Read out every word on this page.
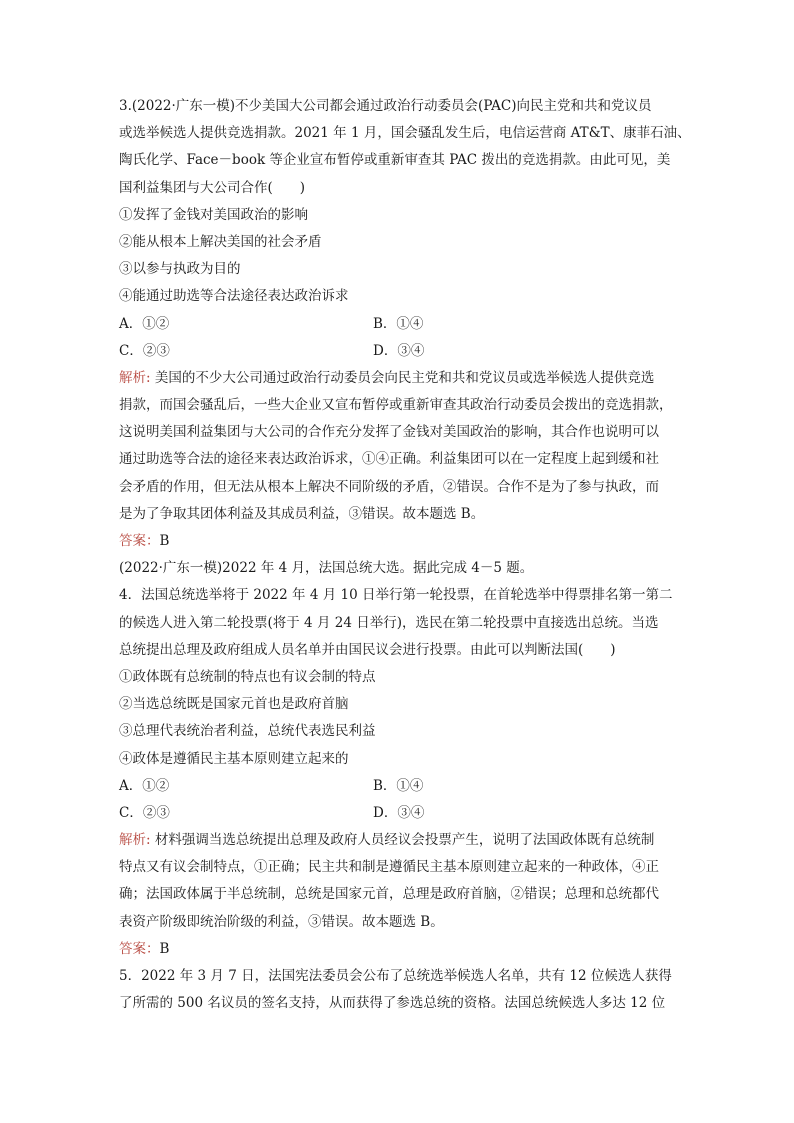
3.(2022·广东一模)不少美国大公司都会通过政治行动委员会(PAC)向民主党和共和党议员
或选举候选人提供竞选捐款。2021 年 1 月，国会骚乱发生后，电信运营商 AT&T、康菲石油、
陶氏化学、Face－book 等企业宣布暂停或重新审查其 PAC 拨出的竞选捐款。由此可见，美
国利益集团与大公司合作(　　)
①发挥了金钱对美国政治的影响
②能从根本上解决美国的社会矛盾
③以参与执政为目的
④能通过助选等合法途径表达政治诉求
A．①②	B．①④
C．②③	D．③④
解析: 美国的不少大公司通过政治行动委员会向民主党和共和党议员或选举候选人提供竞选
捐款，而国会骚乱后，一些大企业又宣布暂停或重新审查其政治行动委员会拨出的竞选捐款，
这说明美国利益集团与大公司的合作充分发挥了金钱对美国政治的影响，其合作也说明可以
通过助选等合法的途径来表达政治诉求，①④正确。利益集团可以在一定程度上起到缓和社
会矛盾的作用，但无法从根本上解决不同阶级的矛盾，②错误。合作不是为了参与执政，而
是为了争取其团体利益及其成员利益，③错误。故本题选 B。
答案：B
(2022·广东一模)2022 年 4 月，法国总统大选。据此完成 4－5 题。
4．法国总统选举将于 2022 年 4 月 10 日举行第一轮投票，在首轮选举中得票排名第一第二
的候选人进入第二轮投票(将于 4 月 24 日举行)，选民在第二轮投票中直接选出总统。当选
总统提出总理及政府组成人员名单并由国民议会进行投票。由此可以判断法国(　　)
①政体既有总统制的特点也有议会制的特点
②当选总统既是国家元首也是政府首脑
③总理代表统治者利益，总统代表选民利益
④政体是遵循民主基本原则建立起来的
A．①②	B．①④
C．②③	D．③④
解析: 材料强调当选总统提出总理及政府人员经议会投票产生，说明了法国政体既有总统制
特点又有议会制特点，①正确；民主共和制是遵循民主基本原则建立起来的一种政体，④正
确；法国政体属于半总统制，总统是国家元首，总理是政府首脑，②错误；总理和总统都代
表资产阶级即统治阶级的利益，③错误。故本题选 B。
答案：B
5．2022 年 3 月 7 日，法国宪法委员会公布了总统选举候选人名单，共有 12 位候选人获得
了所需的 500 名议员的签名支持，从而获得了参选总统的资格。法国总统候选人多达 12 位
